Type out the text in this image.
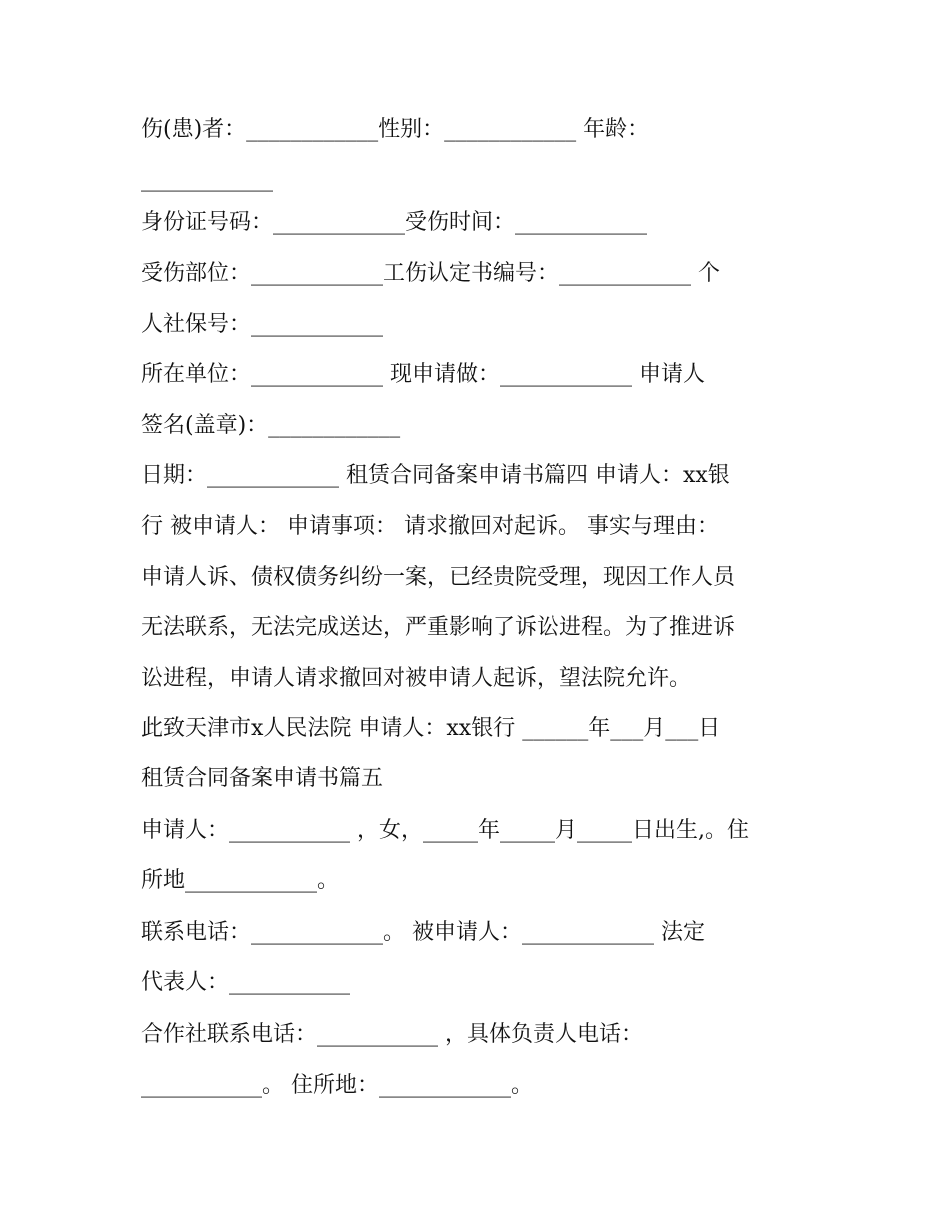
伤(患)者：____________性别：____________ 年龄：
____________
身份证号码：____________受伤时间：____________
受伤部位：____________工伤认定书编号：____________ 个
人社保号：____________
所在单位：____________ 现申请做：____________ 申请人
签名(盖章)：____________
日期：____________ 租赁合同备案申请书篇四 申请人：xx银
行 被申请人： 申请事项： 请求撤回对起诉。 事实与理由：
申请人诉、债权债务纠纷一案，已经贵院受理，现因工作人员
无法联系，无法完成送达，严重影响了诉讼进程。为了推进诉
讼进程，申请人请求撤回对被申请人起诉，望法院允许。
此致天津市x人民法院 申请人：xx银行 ______年___月___日
租赁合同备案申请书篇五
申请人：___________ ，女，_____年_____月_____日出生,。住
所地____________。
联系电话：____________。 被申请人：____________ 法定
代表人：___________
合作社联系电话：___________ ，具体负责人电话：
___________。 住所地：____________。
